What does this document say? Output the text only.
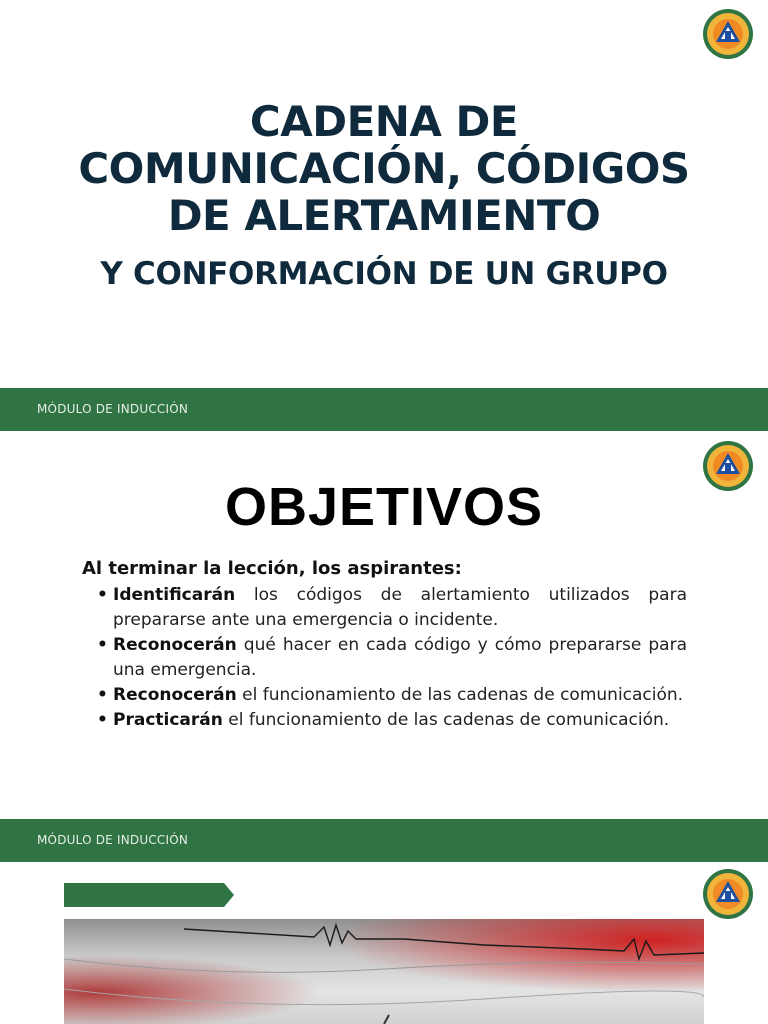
CADENA DE
COMUNICACIÓN, CÓDIGOS
DE ALERTAMIENTO
Y CONFORMACIÓN DE UN GRUPO
MÓDULO DE INDUCCIÓN
OBJETIVOS

Al terminar la lección, los aspirantes:

• Identificarán los códigos de alertamiento utilizados para prepararse ante una emergencia o incidente.
• Reconocerán qué hacer en cada código y cómo prepararse para una emergencia.
• Reconocerán el funcionamiento de las cadenas de comunicación.
• Practicarán el funcionamiento de las cadenas de comunicación.
MÓDULO DE INDUCCIÓN
